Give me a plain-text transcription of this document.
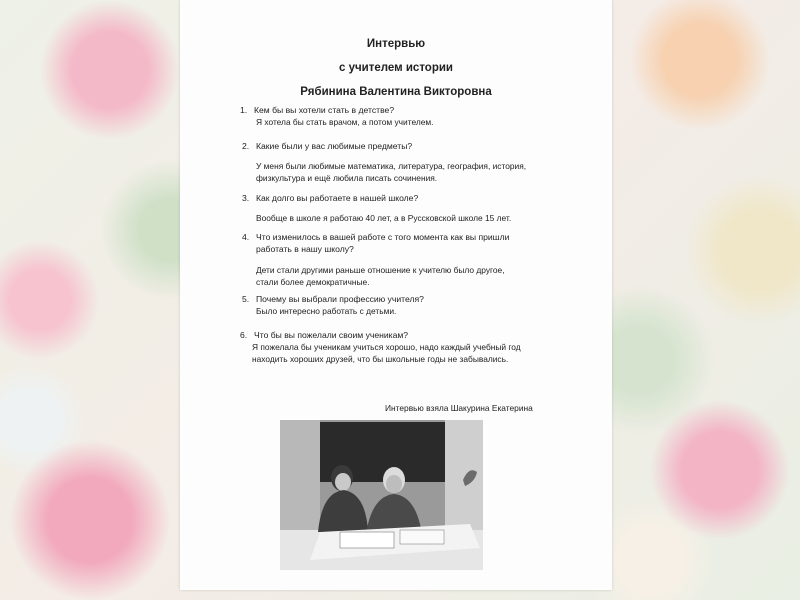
Интервью
с учителем истории
Рябинина Валентина Викторовна
1. Кем бы вы хотели стать в детстве?
Я хотела бы стать врачом, а потом учителем.
2. Какие были у вас любимые предметы?
У меня были любимые математика, литература, география, история,
физкультура и ещё любила писать сочинения.
3. Как долго вы работаете в нашей школе?
Вообще в школе я работаю 40 лет, а в Руссковской школе 15 лет.
4. Что изменилось в вашей работе с того момента как вы пришли
работать в нашу школу?
Дети стали другими раньше отношение к учителю было другое,
стали более демократичные.
5. Почему вы выбрали профессию учителя?
Было интересно работать с детьми.
6. Что бы вы пожелали своим ученикам?
Я пожелала бы ученикам учиться хорошо, надо каждый учебный год
находить хороших друзей, что бы школьные годы не забывались.
Интервью взяла Шакурина Екатерина
